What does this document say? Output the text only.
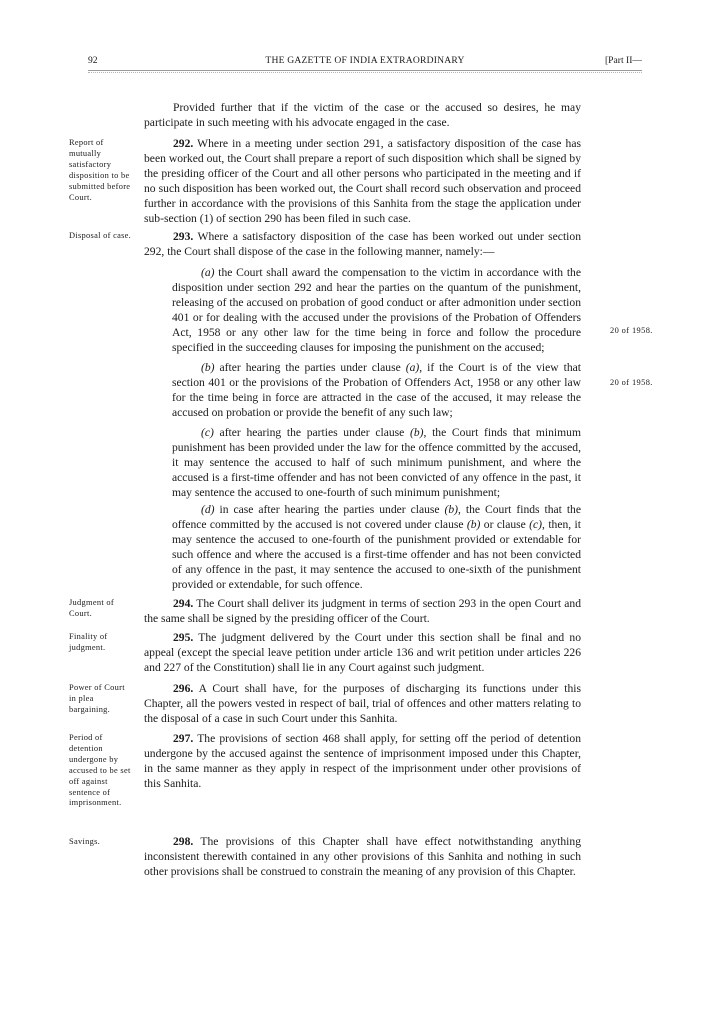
92	THE GAZETTE OF INDIA EXTRAORDINARY	[Part II—

Provided further that if the victim of the case or the accused so desires, he may participate in such meeting with his advocate engaged in the case.

Report of mutually satisfactory disposition to be submitted before Court.

292. Where in a meeting under section 291, a satisfactory disposition of the case has been worked out, the Court shall prepare a report of such disposition which shall be signed by the presiding officer of the Court and all other persons who participated in the meeting and if no such disposition has been worked out, the Court shall record such observation and proceed further in accordance with the provisions of this Sanhita from the stage the application under sub-section (1) of section 290 has been filed in such case.

Disposal of case.	293. Where a satisfactory disposition of the case has been worked out under section 292, the Court shall dispose of the case in the following manner, namely:—

(a) the Court shall award the compensation to the victim in accordance with the disposition under section 292 and hear the parties on the quantum of the punishment, releasing of the accused on probation of good conduct or after admonition under section 401 or for dealing with the accused under the provisions of the Probation of Offenders Act, 1958 or any other law for the time being in force and follow the procedure specified in the succeeding clauses for imposing the punishment on the accused;

20 of 1958.

(b) after hearing the parties under clause (a), if the Court is of the view that section 401 or the provisions of the Probation of Offenders Act, 1958 or any other law for the time being in force are attracted in the case of the accused, it may release the accused on probation or provide the benefit of any such law;

20 of 1958.

(c) after hearing the parties under clause (b), the Court finds that minimum punishment has been provided under the law for the offence committed by the accused, it may sentence the accused to half of such minimum punishment, and where the accused is a first-time offender and has not been convicted of any offence in the past, it may sentence the accused to one-fourth of such minimum punishment;

(d) in case after hearing the parties under clause (b), the Court finds that the offence committed by the accused is not covered under clause (b) or clause (c), then, it may sentence the accused to one-fourth of the punishment provided or extendable for such offence and where the accused is a first-time offender and has not been convicted of any offence in the past, it may sentence the accused to one-sixth of the punishment provided or extendable, for such offence.

Judgment of Court.

294. The Court shall deliver its judgment in terms of section 293 in the open Court and the same shall be signed by the presiding officer of the Court.

Finality of judgment.

295. The judgment delivered by the Court under this section shall be final and no appeal (except the special leave petition under article 136 and writ petition under articles 226 and 227 of the Constitution) shall lie in any Court against such judgment.

Power of Court in plea bargaining.

296. A Court shall have, for the purposes of discharging its functions under this Chapter, all the powers vested in respect of bail, trial of offences and other matters relating to the disposal of a case in such Court under this Sanhita.

Period of detention undergone by accused to be set off against sentence of imprisonment.

297. The provisions of section 468 shall apply, for setting off the period of detention undergone by the accused against the sentence of imprisonment imposed under this Chapter, in the same manner as they apply in respect of the imprisonment under other provisions of this Sanhita.

Savings.	298. The provisions of this Chapter shall have effect notwithstanding anything inconsistent therewith contained in any other provisions of this Sanhita and nothing in such other provisions shall be construed to constrain the meaning of any provision of this Chapter.
